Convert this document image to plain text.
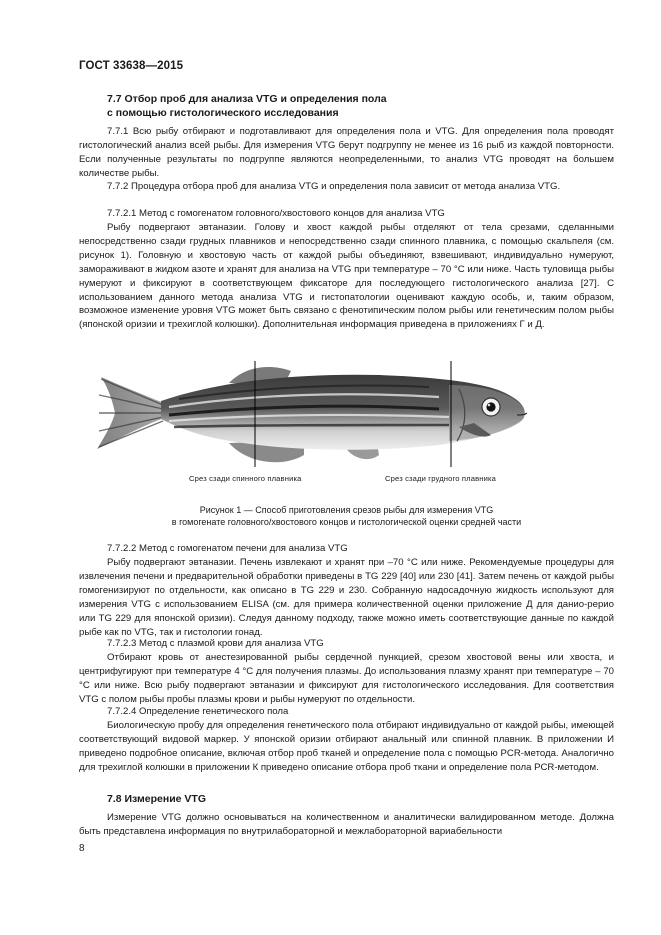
ГОСТ 33638—2015
7.7 Отбор проб для анализа VTG и определения пола
с помощью гистологического исследования

7.7.1 Всю рыбу отбирают и подготавливают для определения пола и VTG. Для определения пола проводят гистологический анализ всей рыбы. Для измерения VTG берут подгруппу не менее из 16 рыб из каждой повторности. Если полученные результаты по подгруппе являются неопределенными, то анализ VTG проводят на большем количестве рыбы.

7.7.2 Процедура отбора проб для анализа VTG и определения пола зависит от метода анализа VTG.

7.7.2.1 Метод с гомогенатом головного/хвостового концов для анализа VTG

Рыбу подвергают эвтаназии. Голову и хвост каждой рыбы отделяют от тела срезами, сделанными непосредственно сзади грудных плавников и непосредственно сзади спинного плавника, с помощью скальпеля (см. рисунок 1). Головную и хвостовую часть от каждой рыбы объединяют, взвешивают, индивидуально нумеруют, замораживают в жидком азоте и хранят для анализа на VTG при температуре – 70 °С или ниже. Часть туловища рыбы нумеруют и фиксируют в соответствующем фиксаторе для последующего гистологического анализа [27]. С использованием данного метода анализа VTG и гистопатологии оценивают каждую особь, и, таким образом, возможное изменение уровня VTG может быть связано с фенотипическим полом рыбы или генетическим полом рыбы (японской оризии и трехиглой колюшки). Дополнительная информация приведена в приложениях Г и Д.

Срез сзади спинного плавника	Срез сзади грудного плавника
Рисунок 1 — Способ приготовления срезов рыбы для измерения VTG
в гомогенате головного/хвостового концов и гистологической оценки средней части

7.7.2.2 Метод с гомогенатом печени для анализа VTG

Рыбу подвергают эвтаназии. Печень извлекают и хранят при –70 °С или ниже. Рекомендуемые процедуры для извлечения печени и предварительной обработки приведены в TG 229 [40] или 230 [41]. Затем печень от каждой рыбы гомогенизируют по отдельности, как описано в TG 229 и 230. Собранную надосадочную жидкость используют для измерения VTG с использованием ELISA (см. для примера количественной оценки приложение Д для данио-рерио или TG 229 для японской оризии). Следуя данному подходу, также можно иметь соответствующие данные по каждой рыбе как по VTG, так и гистологии гонад.

7.7.2.3 Метод с плазмой крови для анализа VTG

Отбирают кровь от анестезированной рыбы сердечной пункцией, срезом хвостовой вены или хвоста, и центрифугируют при температуре 4 °С для получения плазмы. До использования плазму хранят при температуре – 70 °С или ниже. Всю рыбу подвергают эвтаназии и фиксируют для гистологического исследования. Для соответствия VTG с полом рыбы пробы плазмы крови и рыбы нумеруют по отдельности.

7.7.2.4 Определение генетического пола

Биологическую пробу для определения генетического пола отбирают индивидуально от каждой рыбы, имеющей соответствующий видовой маркер. У японской оризии отбирают анальный или спинной плавник. В приложении И приведено подробное описание, включая отбор проб тканей и определение пола с помощью PCR-метода. Аналогично для трехиглой колюшки в приложении К приведено описание отбора проб ткани и определение пола PCR-методом.

7.8 Измерение VTG

Измерение VTG должно основываться на количественном и аналитически валидированном методе. Должна быть представлена информация по внутрилабораторной и межлабораторной вариабельности

8
